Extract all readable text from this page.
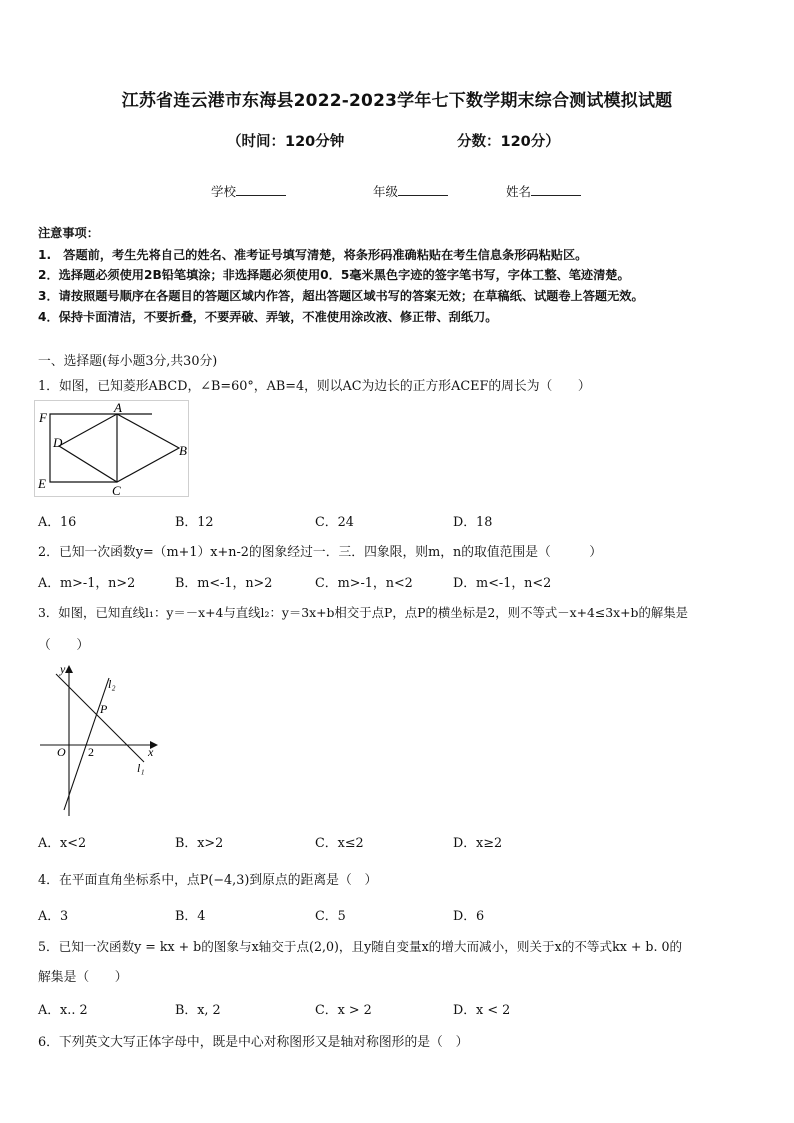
江苏省连云港市东海县2022-2023学年七下数学期末综合测试模拟试题
（时间：120分钟	分数：120分）
学校	年级	姓名
注意事项：
1.　答题前，考生先将自己的姓名、准考证号填写清楚，将条形码准确粘贴在考生信息条形码粘贴区。
2．选择题必须使用2B铅笔填涂；非选择题必须使用0．5毫米黑色字迹的签字笔书写，字体工整、笔迹清楚。
3．请按照题号顺序在各题目的答题区域内作答，超出答题区域书写的答案无效；在草稿纸、试题卷上答题无效。
4．保持卡面清洁，不要折叠，不要弄破、弄皱，不准使用涂改液、修正带、刮纸刀。
一、选择题(每小题3分,共30分)
1．如图，已知菱形ABCD，∠B=60°，AB=4，则以AC为边长的正方形ACEF的周长为（　　）
F
A
D
B
E	C
A．16	B．12	C．24	D．18
2．已知一次函数y=（m+1）x+n-2的图象经过一．三．四象限，则m，n的取值范围是（　　　）
A．m>-1，n>2	B．m<-1，n>2	C．m>-1，n<2	D．m<-1，n<2
3．如图，已知直线l₁：y＝－x+4与直线l₂：y＝3x+b相交于点P，点P的横坐标是2，则不等式－x+4≤3x+b的解集是
（　　）
y
l₂
P
O 2	x
l₁
A．x<2	B．x>2	C．x≤2	D．x≥2
4．在平面直角坐标系中，点P(−4,3)到原点的距离是（　）
A．3	B．4	C．5	D．6
5．已知一次函数y = kx + b的图象与x轴交于点(2,0)，且y随自变量x的增大而减小，则关于x的不等式kx + b. 0的
解集是（　　）
A．x.. 2	B．x, 2	C．x > 2	D．x < 2
6．下列英文大写正体字母中，既是中心对称图形又是轴对称图形的是（　）
